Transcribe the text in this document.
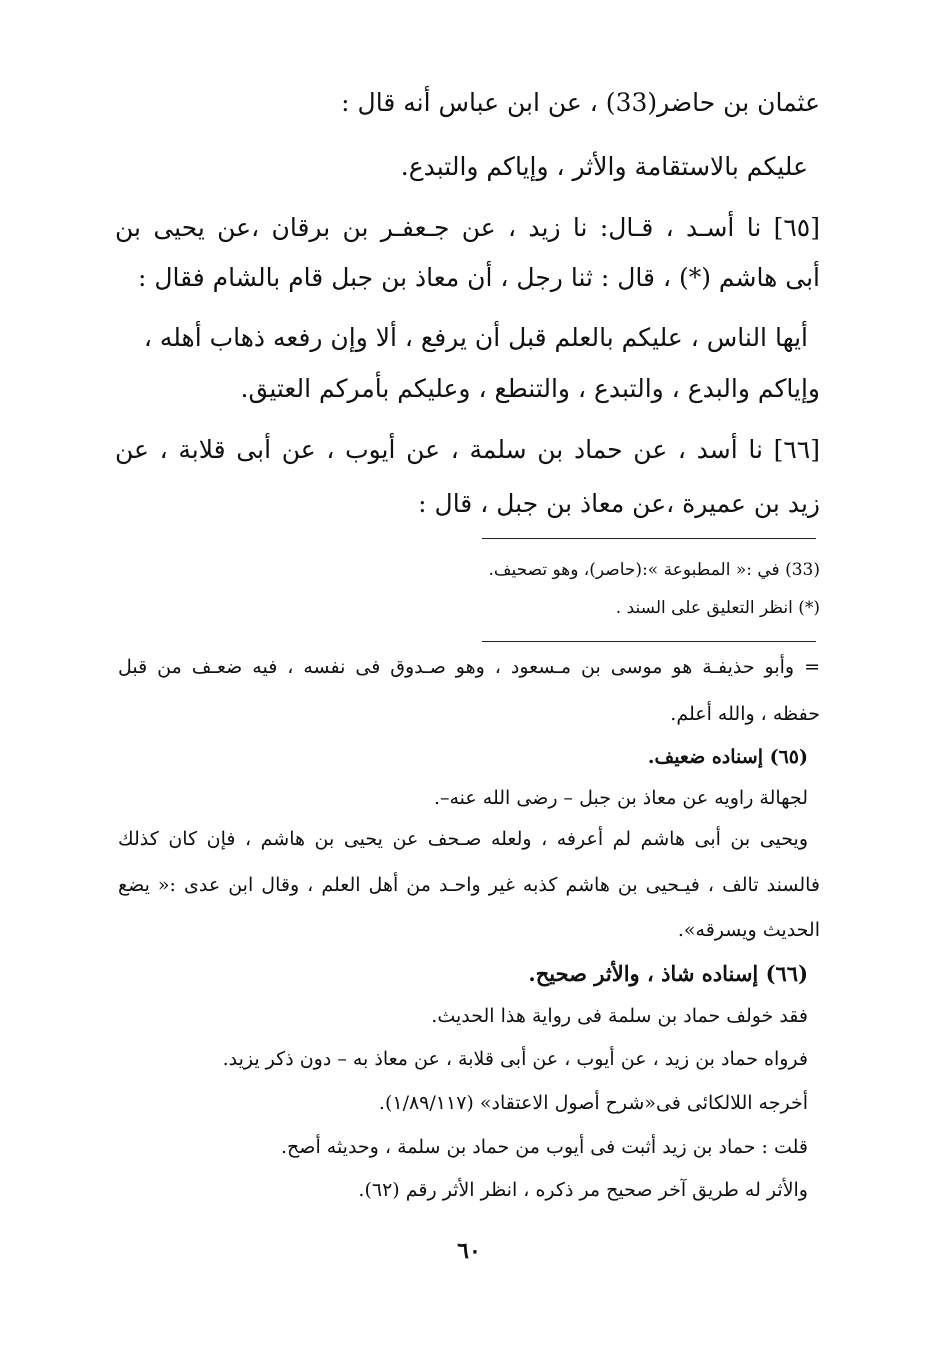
عثمان بن حاضر(33) ، عن ابن عباس أنه قال :
عليكم بالاستقامة والأثر ، وإياكم والتبدع.
[٦٥] نا أسـد ، قـال: نا زيد ، عن جـعفـر بن برقان ،عن يحيى بن
أبى هاشم (*) ، قال : ثنا رجل ، أن معاذ بن جبل قام بالشام فقال :
أيها الناس ، عليكم بالعلم قبل أن يرفع ، ألا وإن رفعه ذهاب أهله ،
وإياكم والبدع ، والتبدع ، والتنطع ، وعليكم بأمركم العتيق.
[٦٦] نا أسد ، عن حماد بن سلمة ، عن أيوب ، عن أبى قلابة ، عن
زيد بن عميرة ،عن معاذ بن جبل ، قال :
(33) في :« المطبوعة »:(حاصر)، وهو تصحيف.
(*) انظر التعليق على السند .
= وأبو حذيفـة هو موسى بن مـسعود ، وهو صـدوق فى نفسه ، فيه ضعـف من قبل
حفظه ، والله أعلم.
(٦٥) إسناده ضعيف.
لجهالة راويه عن معاذ بن جبل – رضى الله عنه–.
ويحيى بن أبى هاشم لم أعرفه ، ولعله صـحف عن يحيى بن هاشم ، فإن كان كذلك
فالسند تالف ، فيـحيى بن هاشم كذبه غير واحـد من أهل العلم ، وقال ابن عدى :« يضع
الحديث ويسرقه».
(٦٦) إسناده شاذ ، والأثر صحيح.
فقد خولف حماد بن سلمة فى رواية هذا الحديث.
فرواه حماد بن زيد ، عن أيوب ، عن أبى قلابة ، عن معاذ به – دون ذكر يزيد.
أخرجه اللالكائى فى«شرح أصول الاعتقاد» (١/٨٩/١١٧).
قلت : حماد بن زيد أثبت فى أيوب من حماد بن سلمة ، وحديثه أصح.
والأثر له طريق آخر صحيح مر ذكره ، انظر الأثر رقم (٦٢).
٦٠
